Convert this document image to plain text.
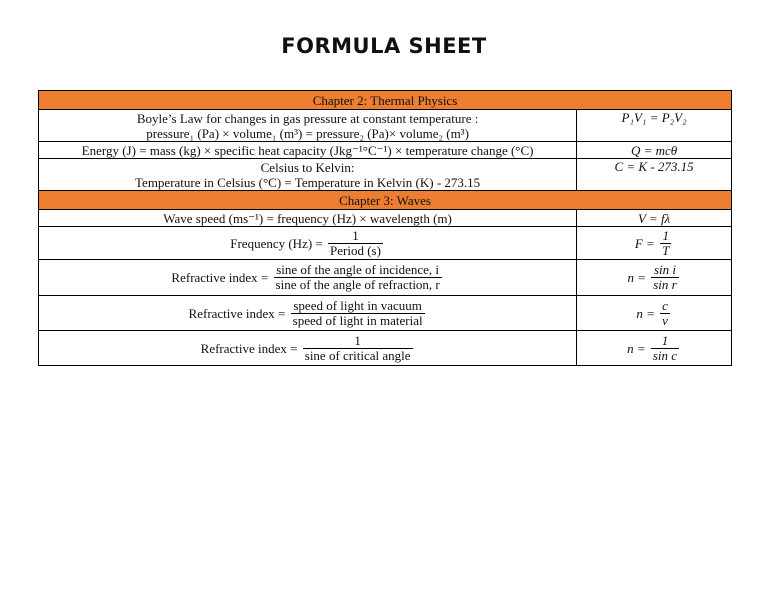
FORMULA SHEET

Chapter 2: Thermal Physics	

Boyle’s Law for changes in gas pressure at constant temperature :
pressure₁ (Pa) × volume₁ (m³) = pressure₂ (Pa)× volume₂ (m³)	P₁V₁ = P₂V₂
Energy (J) = mass (kg) × specific heat capacity (Jkg⁻¹°C⁻¹) × temperature change (°C)	Q = mcθ

Celsius to Kelvin:
Temperature in Celsius (°C) = Temperature in Kelvin (K) - 273.15	C = K - 273.15
Chapter 3: Waves	
Wave speed (ms⁻¹) = frequency (Hz) × wavelength (m)	V = fλ
Frequency $(Hz) = \frac{1}{\text{Period (s)}}$	$F = \frac{1}{T}$

Refractive index = $\frac{\text{sine of the angle of incidence, i}}{\text{sine of the angle of refraction, r}}$	$n = \frac{\text{sin i}}{\text{sin r}}$

Refractive index = $\frac{\text{speed of light in vacuum}}{\text{speed of light in material}}$	$n = \frac{c}{v}$

Refractive index = $\frac{1}{\text{sine of critical angle}}$	$n = \frac{1}{\text{sin c}}$
